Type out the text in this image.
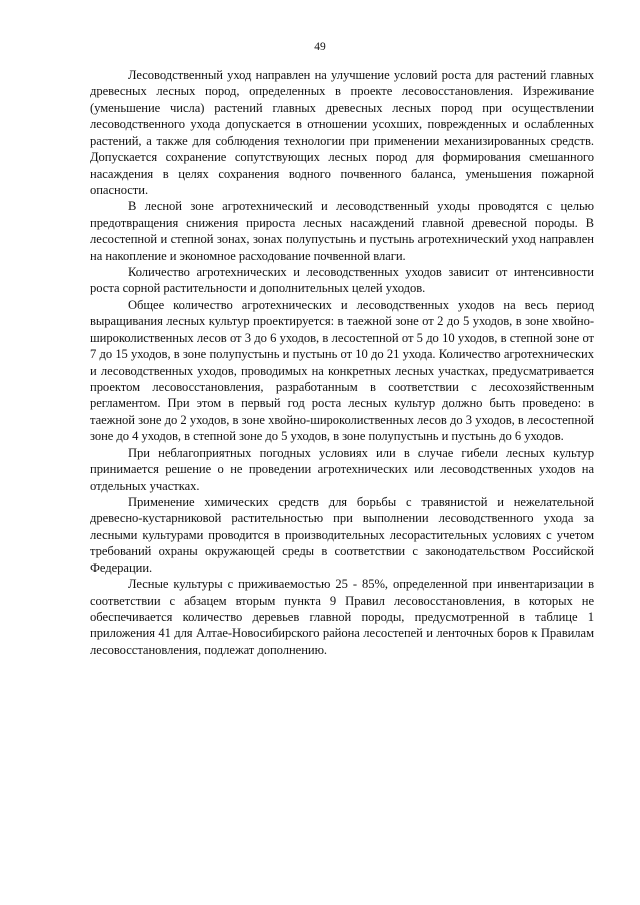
49

Лесоводственный уход направлен на улучшение условий роста для растений главных древесных лесных пород, определенных в проекте лесовосстановления. Изреживание (уменьшение числа) растений главных древесных лесных пород при осуществлении лесоводственного ухода допускается в отношении усохших, поврежденных и ослабленных растений, а также для соблюдения технологии при применении механизированных средств. Допускается сохранение сопутствующих лесных пород для формирования смешанного насаждения в целях сохранения водного почвенного баланса, уменьшения пожарной опасности.

В лесной зоне агротехнический и лесоводственный уходы проводятся с целью предотвращения снижения прироста лесных насаждений главной древесной породы. В лесостепной и степной зонах, зонах полупустынь и пустынь агротехнический уход направлен на накопление и экономное расходование почвенной влаги.

Количество агротехнических и лесоводственных уходов зависит от интенсивности роста сорной растительности и дополнительных целей уходов.

Общее количество агротехнических и лесоводственных уходов на весь период выращивания лесных культур проектируется: в таежной зоне от 2 до 5 уходов, в зоне хвойно-широколиственных лесов от 3 до 6 уходов, в лесостепной от 5 до 10 уходов, в степной зоне от 7 до 15 уходов, в зоне полупустынь и пустынь от 10 до 21 ухода. Количество агротехнических и лесоводственных уходов, проводимых на конкретных лесных участках, предусматривается проектом лесовосстановления, разработанным в соответствии с лесохозяйственным регламентом. При этом в первый год роста лесных культур должно быть проведено: в таежной зоне до 2 уходов, в зоне хвойно-широколиственных лесов до 3 уходов, в лесостепной зоне до 4 уходов, в степной зоне до 5 уходов, в зоне полупустынь и пустынь до 6 уходов.

При неблагоприятных погодных условиях или в случае гибели лесных культур принимается решение о не проведении агротехнических или лесоводственных уходов на отдельных участках.

Применение химических средств для борьбы с травянистой и нежелательной древесно-кустарниковой растительностью при выполнении лесоводственного ухода за лесными культурами проводится в производительных лесорастительных условиях с учетом требований охраны окружающей среды в соответствии с законодательством Российской Федерации.

Лесные культуры с приживаемостью 25 - 85%, определенной при инвентаризации в соответствии с абзацем вторым пункта 9 Правил лесовосстановления, в которых не обеспечивается количество деревьев главной породы, предусмотренной в таблице 1 приложения 41 для Алтае-Новосибирского района лесостепей и ленточных боров к Правилам лесовосстановления, подлежат дополнению.
